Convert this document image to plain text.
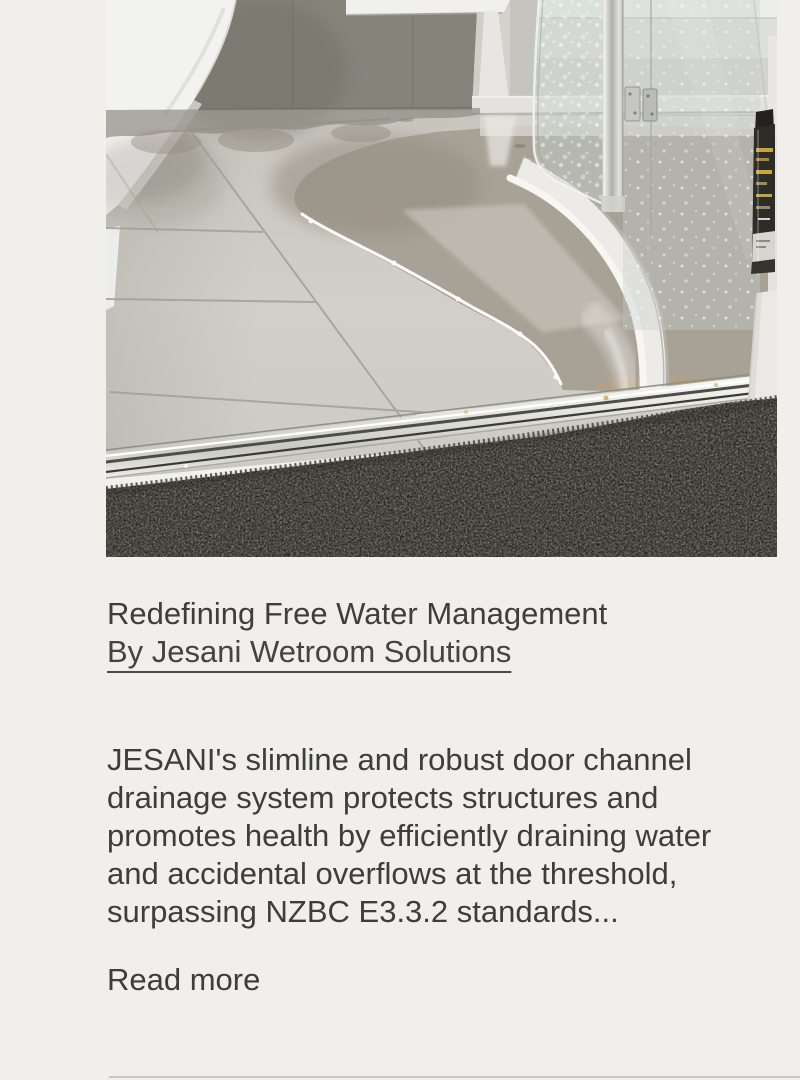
Redefining Free Water Management
By Jesani Wetroom Solutions
JESANI's slimline and robust door channel
drainage system protects structures and
promotes health by efficiently draining water
and accidental overflows at the threshold,
surpassing NZBC E3.3.2 standards...
Read more
